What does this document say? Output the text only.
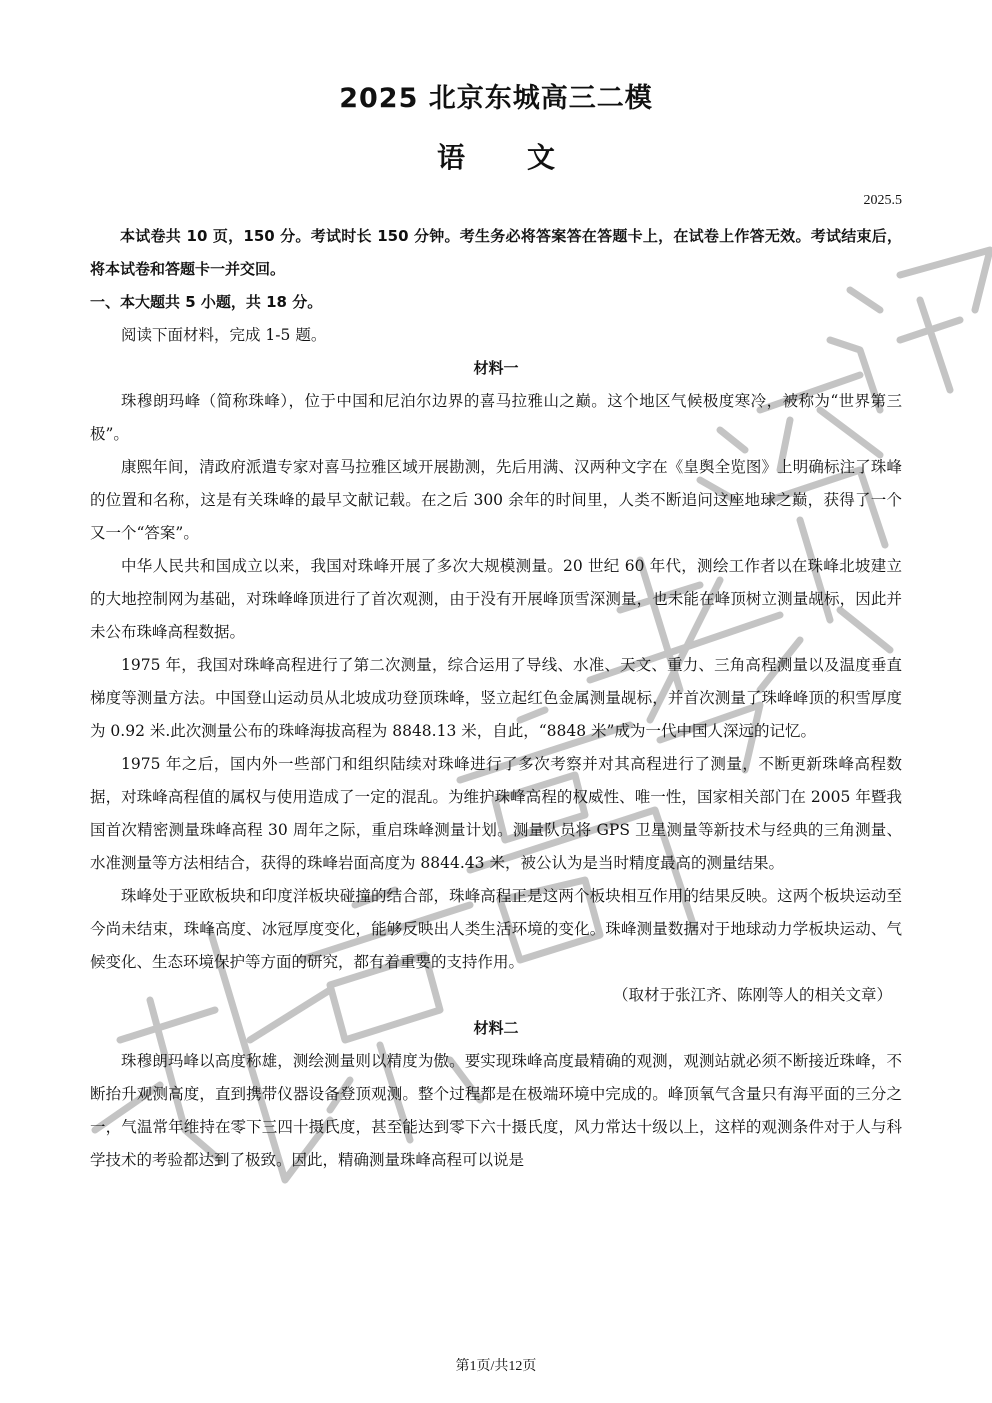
2025 北京东城高三二模
语文
2025.5

本试卷共 10 页，150 分。考试时长 150 分钟。考生务必将答案答在答题卡上，在试卷上作答无效。考试结束后，将本试卷和答题卡一并交回。

一、本大题共 5 小题，共 18 分。

阅读下面材料，完成 1-5 题。

材料一

珠穆朗玛峰（简称珠峰），位于中国和尼泊尔边界的喜马拉雅山之巅。这个地区气候极度寒冷，被称为“世界第三极”。

康熙年间，清政府派遣专家对喜马拉雅区域开展勘测，先后用满、汉两种文字在《皇舆全览图》上明确标注了珠峰的位置和名称，这是有关珠峰的最早文献记载。在之后 300 余年的时间里，人类不断追问这座地球之巅，获得了一个又一个“答案”。

中华人民共和国成立以来，我国对珠峰开展了多次大规模测量。20 世纪 60 年代，测绘工作者以在珠峰北坡建立的大地控制网为基础，对珠峰峰顶进行了首次观测，由于没有开展峰顶雪深测量，也未能在峰顶树立测量觇标，因此并未公布珠峰高程数据。

1975 年，我国对珠峰高程进行了第二次测量，综合运用了导线、水准、天文、重力、三角高程测量以及温度垂直梯度等测量方法。中国登山运动员从北坡成功登顶珠峰，竖立起红色金属测量觇标，并首次测量了珠峰峰顶的积雪厚度为 0.92 米.此次测量公布的珠峰海拔高程为 8848.13 米，自此，“8848 米”成为一代中国人深远的记忆。

1975 年之后，国内外一些部门和组织陆续对珠峰进行了多次考察并对其高程进行了测量，不断更新珠峰高程数据，对珠峰高程值的属权与使用造成了一定的混乱。为维护珠峰高程的权威性、唯一性，国家相关部门在 2005 年暨我国首次精密测量珠峰高程 30 周年之际，重启珠峰测量计划。测量队员将 GPS 卫星测量等新技术与经典的三角测量、水准测量等方法相结合，获得的珠峰岩面高度为 8844.43 米，被公认为是当时精度最高的测量结果。

珠峰处于亚欧板块和印度洋板块碰撞的结合部，珠峰高程正是这两个板块相互作用的结果反映。这两个板块运动至今尚未结束，珠峰高度、冰冠厚度变化，能够反映出人类生活环境的变化。珠峰测量数据对于地球动力学板块运动、气候变化、生态环境保护等方面的研究，都有着重要的支持作用。

（取材于张江齐、陈刚等人的相关文章）

材料二

珠穆朗玛峰以高度称雄，测绘测量则以精度为傲。要实现珠峰高度最精确的观测，观测站就必须不断接近珠峰，不断抬升观测高度，直到携带仪器设备登顶观测。整个过程都是在极端环境中完成的。峰顶氧气含量只有海平面的三分之一，气温常年维持在零下三四十摄氏度，甚至能达到零下六十摄氏度，风力常达十级以上，这样的观测条件对于人与科学技术的考验都达到了极致。因此，精确测量珠峰高程可以说是

第1页/共12页
